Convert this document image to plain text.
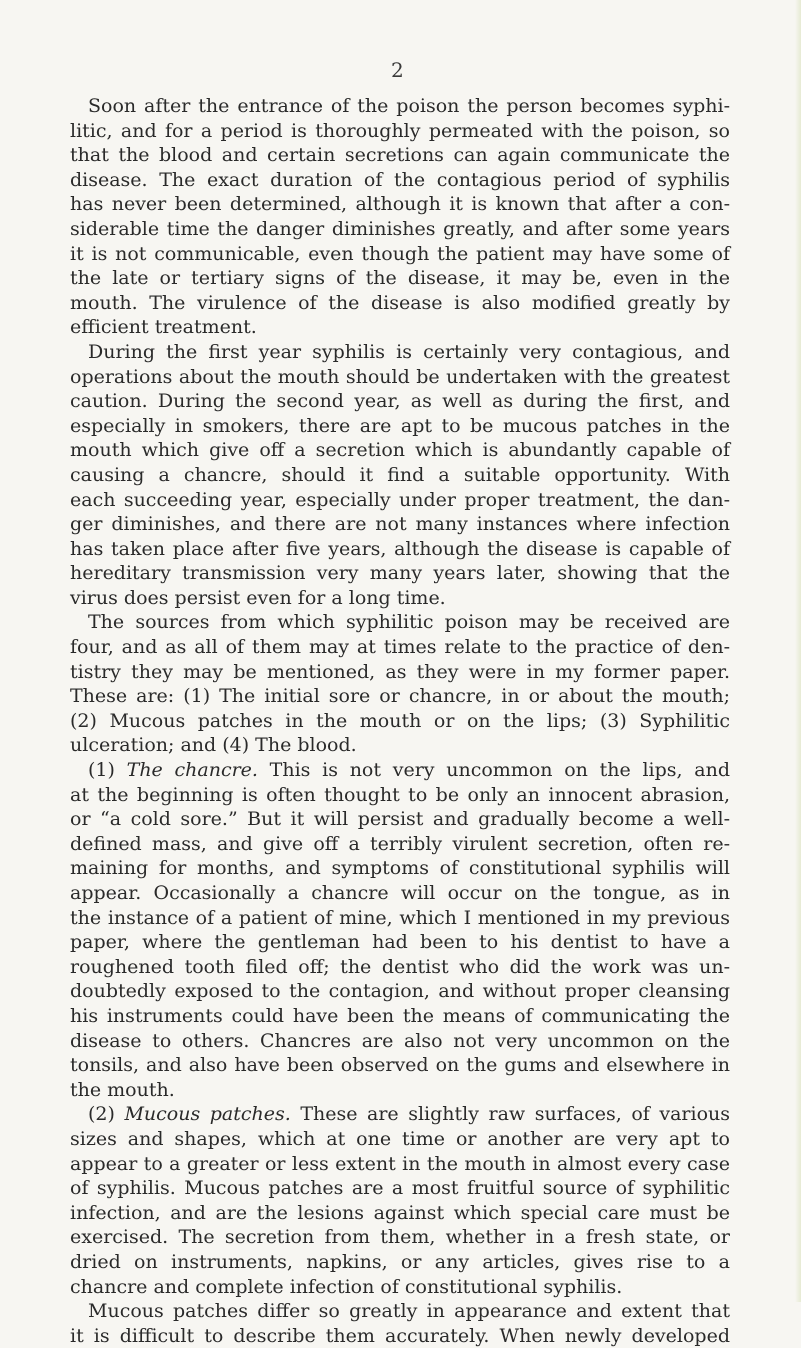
2
Soon after the entrance of the poison the person becomes syphi-
litic, and for a period is thoroughly permeated with the poison, so
that the blood and certain secretions can again communicate the
disease. The exact duration of the contagious period of syphilis
has never been determined, although it is known that after a con-
siderable time the danger diminishes greatly, and after some years
it is not communicable, even though the patient may have some of
the late or tertiary signs of the disease, it may be, even in the
mouth. The virulence of the disease is also modified greatly by
efficient treatment.
During the first year syphilis is certainly very contagious, and
operations about the mouth should be undertaken with the greatest
caution. During the second year, as well as during the first, and
especially in smokers, there are apt to be mucous patches in the
mouth which give off a secretion which is abundantly capable of
causing a chancre, should it find a suitable opportunity. With
each succeeding year, especially under proper treatment, the dan-
ger diminishes, and there are not many instances where infection
has taken place after five years, although the disease is capable of
hereditary transmission very many years later, showing that the
virus does persist even for a long time.
The sources from which syphilitic poison may be received are
four, and as all of them may at times relate to the practice of den-
tistry they may be mentioned, as they were in my former paper.
These are: (1) The initial sore or chancre, in or about the mouth;
(2) Mucous patches in the mouth or on the lips; (3) Syphilitic
ulceration; and (4) The blood.
(1) The chancre. This is not very uncommon on the lips, and
at the beginning is often thought to be only an innocent abrasion,
or “a cold sore.” But it will persist and gradually become a well-
defined mass, and give off a terribly virulent secretion, often re-
maining for months, and symptoms of constitutional syphilis will
appear. Occasionally a chancre will occur on the tongue, as in
the instance of a patient of mine, which I mentioned in my previous
paper, where the gentleman had been to his dentist to have a
roughened tooth filed off; the dentist who did the work was un-
doubtedly exposed to the contagion, and without proper cleansing
his instruments could have been the means of communicating the
disease to others. Chancres are also not very uncommon on the
tonsils, and also have been observed on the gums and elsewhere in
the mouth.
(2) Mucous patches. These are slightly raw surfaces, of various
sizes and shapes, which at one time or another are very apt to
appear to a greater or less extent in the mouth in almost every case
of syphilis. Mucous patches are a most fruitful source of syphilitic
infection, and are the lesions against which special care must be
exercised. The secretion from them, whether in a fresh state, or
dried on instruments, napkins, or any articles, gives rise to a
chancre and complete infection of constitutional syphilis.
Mucous patches differ so greatly in appearance and extent that
it is difficult to describe them accurately. When newly developed
